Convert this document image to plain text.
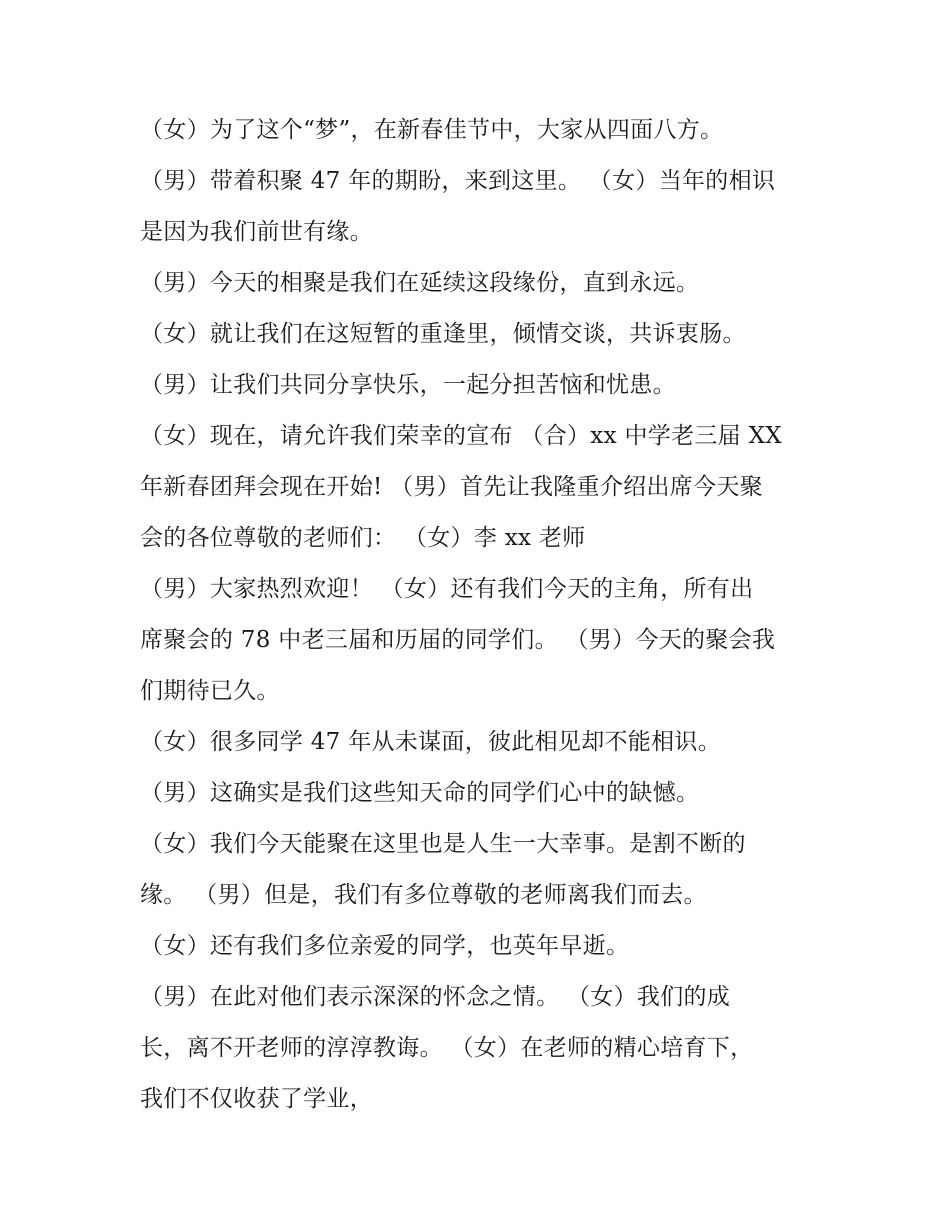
（女）为了这个“梦”，在新春佳节中，大家从四面八方。
（男）带着积聚 47 年的期盼，来到这里。 （女）当年的相识
是因为我们前世有缘。
（男）今天的相聚是我们在延续这段缘份，直到永远。
（女）就让我们在这短暂的重逢里，倾情交谈，共诉衷肠。
（男）让我们共同分享快乐，一起分担苦恼和忧患。
（女）现在，请允许我们荣幸的宣布 （合）xx 中学老三届 XX
年新春团拜会现在开始! （男）首先让我隆重介绍出席今天聚
会的各位尊敬的老师们： （女）李 xx 老师
（男）大家热烈欢迎！ （女）还有我们今天的主角，所有出
席聚会的 78 中老三届和历届的同学们。 （男）今天的聚会我
们期待已久。
（女）很多同学 47 年从未谋面，彼此相见却不能相识。
（男）这确实是我们这些知天命的同学们心中的缺憾。
（女）我们今天能聚在这里也是人生一大幸事。是割不断的
缘。 （男）但是，我们有多位尊敬的老师离我们而去。
（女）还有我们多位亲爱的同学，也英年早逝。
（男）在此对他们表示深深的怀念之情。 （女）我们的成
长，离不开老师的淳淳教诲。 （女）在老师的精心培育下，
我们不仅收获了学业，
